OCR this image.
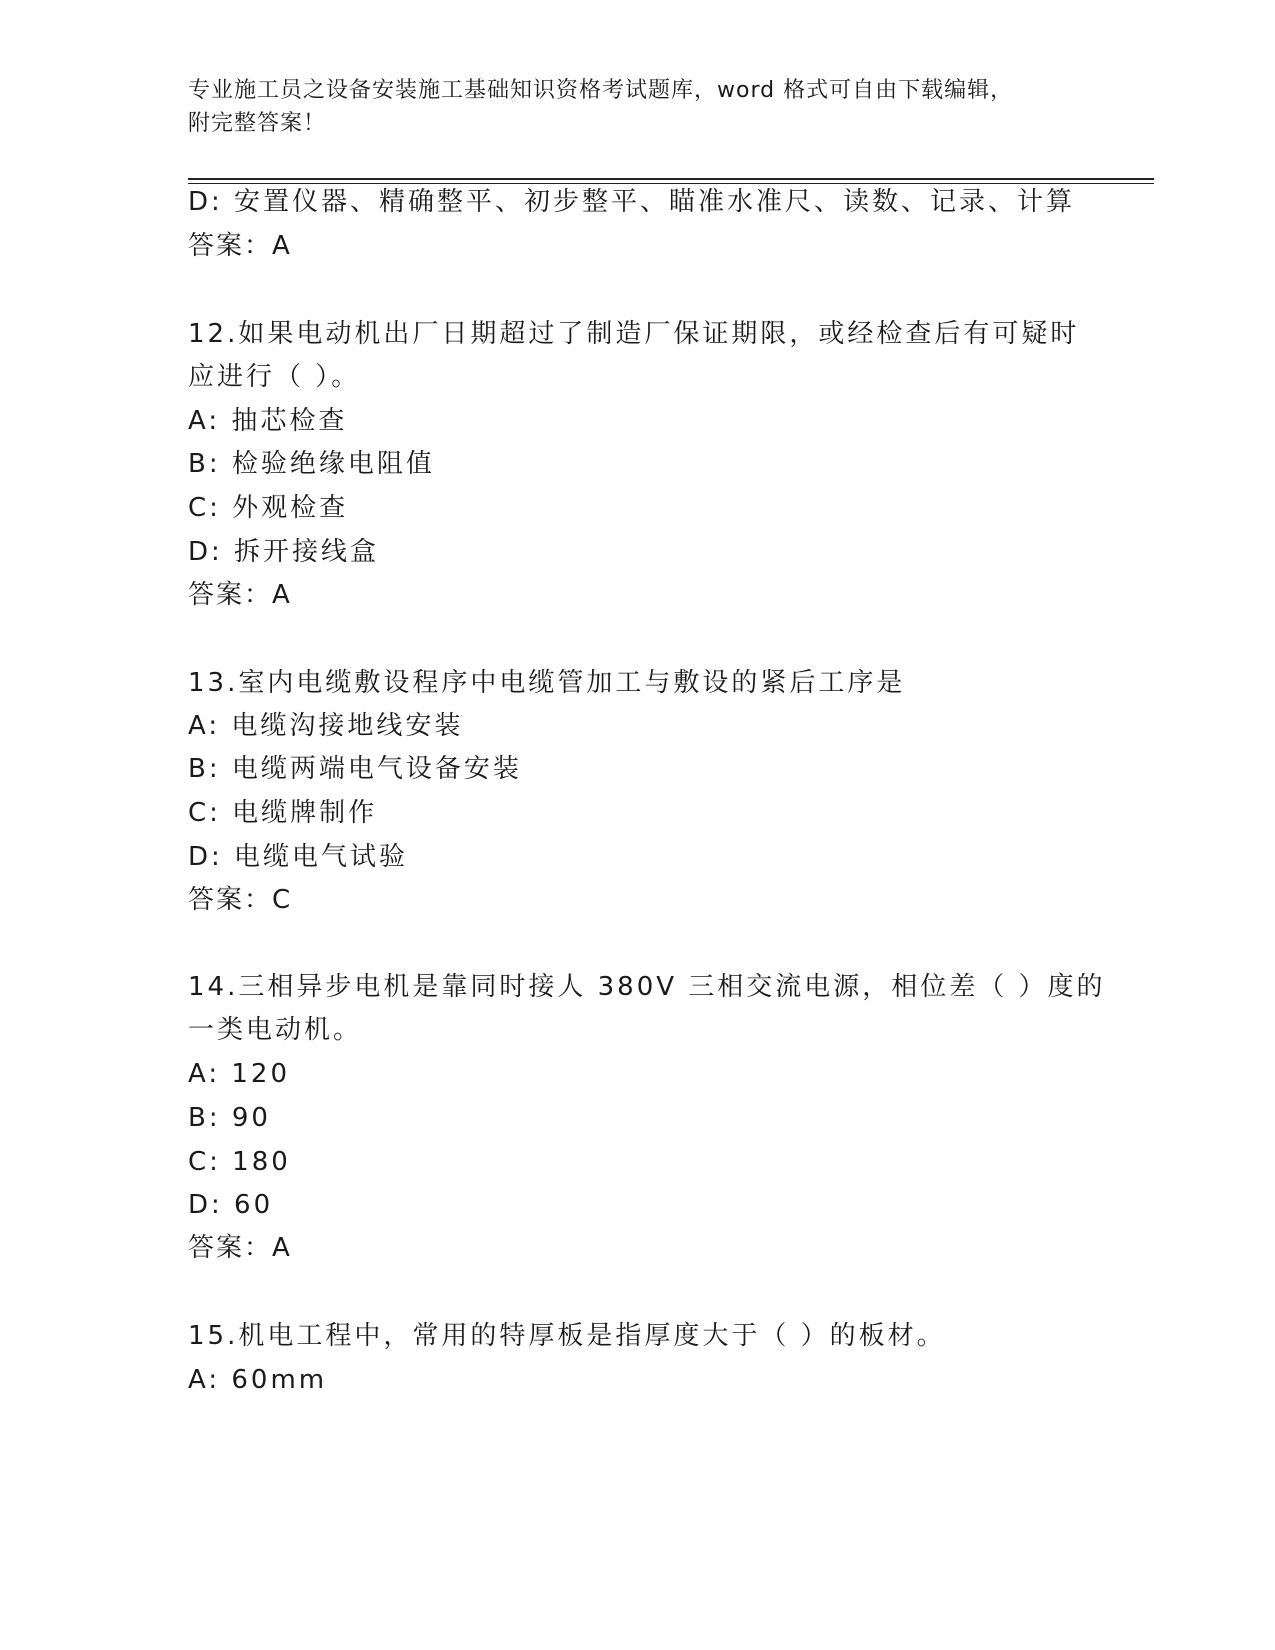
专业施工员之设备安装施工基础知识资格考试题库，word 格式可自由下载编辑，
附完整答案！
D: 安置仪器、精确整平、初步整平、瞄准水准尺、读数、记录、计算
答案：A
12.如果电动机出厂日期超过了制造厂保证期限，或经检查后有可疑时
应进行（ ）。
A: 抽芯检查
B: 检验绝缘电阻值
C: 外观检查
D: 拆开接线盒
答案：A
13.室内电缆敷设程序中电缆管加工与敷设的紧后工序是
A: 电缆沟接地线安装
B: 电缆两端电气设备安装
C: 电缆牌制作
D: 电缆电气试验
答案：C
14.三相异步电机是靠同时接人 380V 三相交流电源，相位差（ ）度的
一类电动机。
A: 120
B: 90
C: 180
D: 60
答案：A
15.机电工程中，常用的特厚板是指厚度大于（ ）的板材。
A: 60mm
